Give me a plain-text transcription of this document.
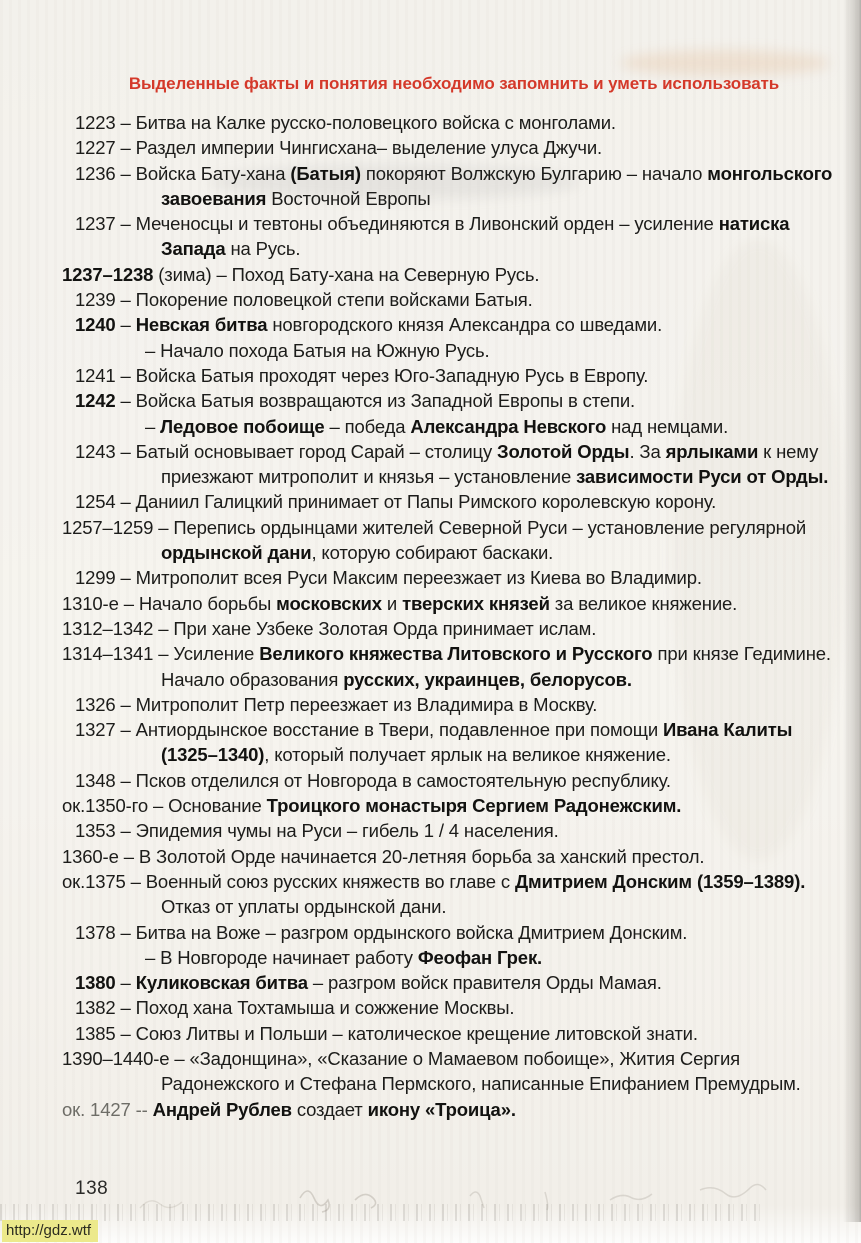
Выделенные факты и понятия необходимо запомнить и уметь использовать

1223 – Битва на Калке русско-половецкого войска с монголами.

1227 – Раздел империи Чингисхана– выделение улуса Джучи.

1236 – Войска Бату-хана (Батыя) покоряют Волжскую Булгарию – начало монгольского завоевания Восточной Европы

1237 – Меченосцы и тевтоны объединяются в Ливонский орден – усиление натиска Запада на Русь.

1237–1238 (зима) – Поход Бату-хана на Северную Русь.

1239 – Покорение половецкой степи войсками Батыя.

1240 – Невская битва новгородского князя Александра со шведами.

– Начало похода Батыя на Южную Русь.

1241 – Войска Батыя проходят через Юго-Западную Русь в Европу.

1242 – Войска Батыя возвращаются из Западной Европы в степи.

– Ледовое побоище – победа Александра Невского над немцами.

1243 – Батый основывает город Сарай – столицу Золотой Орды. За ярлыками к нему приезжают митрополит и князья – установление зависимости Руси от Орды.

1254 – Даниил Галицкий принимает от Папы Римского королевскую корону.

1257–1259 – Перепись ордынцами жителей Северной Руси – установление регулярной ордынской дани, которую собирают баскаки.

1299 – Митрополит всея Руси Максим переезжает из Киева во Владимир.

1310-е – Начало борьбы московских и тверских князей за великое княжение.

1312–1342 – При хане Узбеке Золотая Орда принимает ислам.

1314–1341 – Усиление Великого княжества Литовского и Русского при князе Гедимине. Начало образования русских, украинцев, белорусов.

1326 – Митрополит Петр переезжает из Владимира в Москву.

1327 – Антиордынское восстание в Твери, подавленное при помощи Ивана Калиты (1325–1340), который получает ярлык на великое княжение.

1348 – Псков отделился от Новгорода в самостоятельную республику.

ок.1350-го – Основание Троицкого монастыря Сергием Радонежским.

1353 – Эпидемия чумы на Руси – гибель 1 / 4 населения.

1360-е – В Золотой Орде начинается 20-летняя борьба за ханский престол.

ок.1375 – Военный союз русских княжеств во главе с Дмитрием Донским (1359–1389). Отказ от уплаты ордынской дани.

1378 – Битва на Воже – разгром ордынского войска Дмитрием Донским.

– В Новгороде начинает работу Феофан Грек.

1380 – Куликовская битва – разгром войск правителя Орды Мамая.

1382 – Поход хана Тохтамыша и сожжение Москвы.

1385 – Союз Литвы и Польши – католическое крещение литовской знати.

1390–1440-е – «Задонщина», «Сказание о Мамаевом побоище», Жития Сергия Радонежского и Стефана Пермского, написанные Епифанием Премудрым.

ок. 1427 -- Андрей Рублев создает икону «Троица».

138
http://gdz.wtf
